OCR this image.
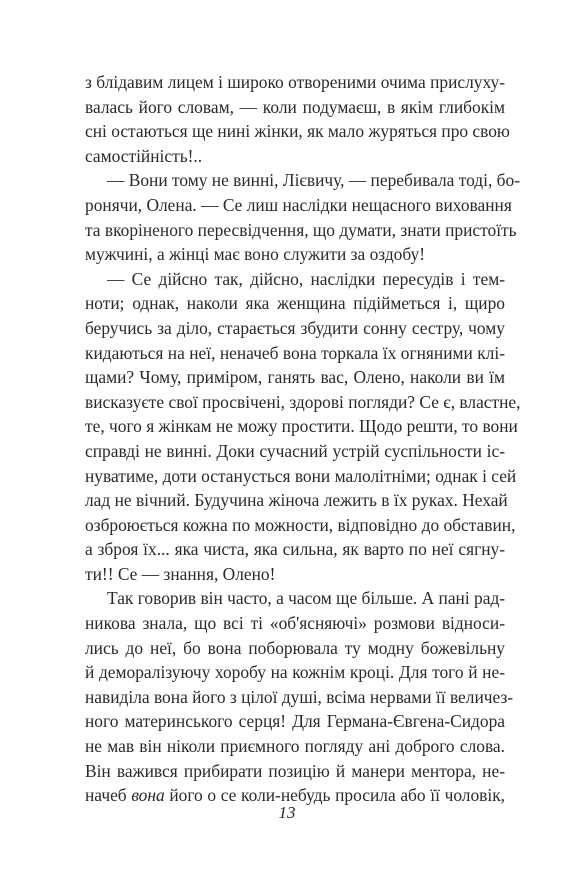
з блідавим лицем і широко отвореними очима прислуху-
валась його словам, — коли подумаєш, в якім глибокім
сні остаються ще нині жінки, як мало журяться про свою
самостійність!..
— Вони тому не винні, Лієвичу, — перебивала тоді, бо-
ронячи, Олена. — Се лиш наслідки нещасного виховання
та вкоріненого пересвідчення, що думати, знати пристоїть
мужчині, а жінці має воно служити за оздобу!
— Се дійсно так, дійсно, наслідки пересудів і тем-
ноти; однак, наколи яка женщина підійметься і, щиро
беручись за діло, старається збудити сонну сестру, чому
кидаються на неї, неначеб вона торкала їх огняними клі-
щами? Чому, приміром, ганять вас, Олено, наколи ви їм
висказуєте свої просвічені, здорові погляди? Се є, властне,
те, чого я жінкам не можу простити. Щодо решти, то вони
справді не винні. Доки сучасний устрій суспільности іс-
нуватиме, доти останусться вони малолітніми; однак і сей
лад не вічний. Будучина жіноча лежить в їх руках. Нехай
озброюється кожна по можности, відповідно до обставин,
а зброя їх... яка чиста, яка сильна, як варто по неї сягну-
ти!! Се — знання, Олено!
Так говорив він часто, а часом ще більше. А пані рад-
никова знала, що всі ті «об'ясняючі» розмови відноси-
лись до неї, бо вона поборювала ту модну божевільну
й деморалізуючу хоробу на кожнім кроці. Для того й не-
навиділа вона його з цілої душі, всіма нервами її величез-
ного материнського серця! Для Германа-Євгена-Сидора
не мав він ніколи приємного погляду ані доброго слова.
Він важився прибирати позицію й манери ментора, не-
начеб вона його о се коли-небудь просила або її чоловік,
13
